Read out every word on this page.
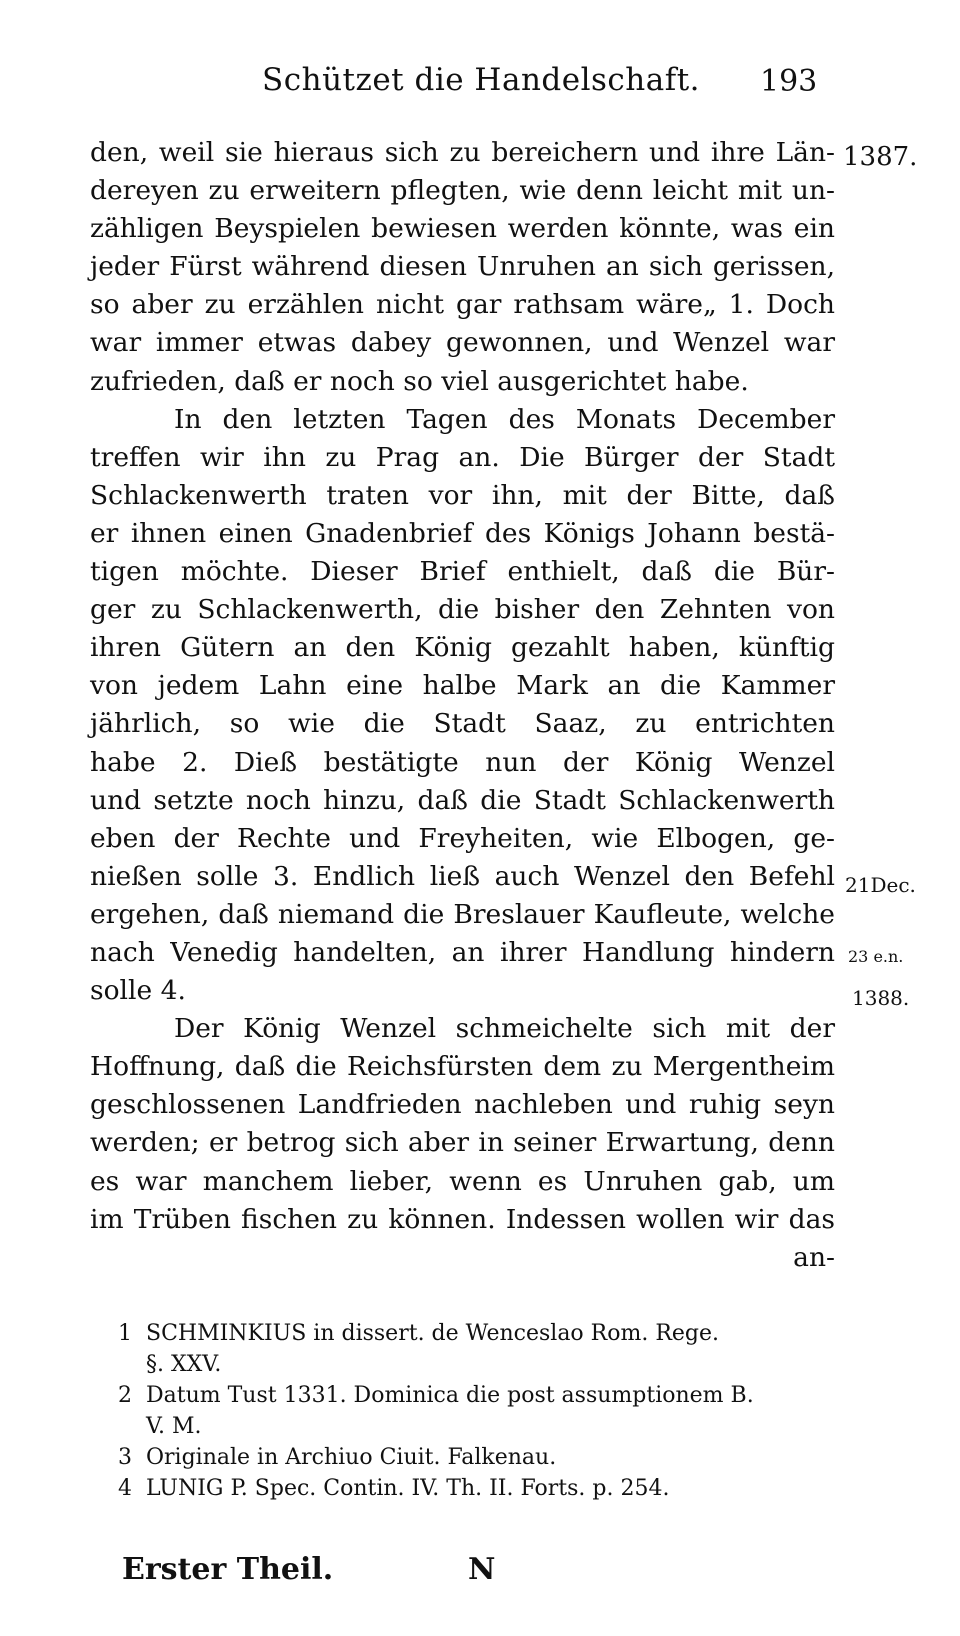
Schützet die Handelschaft. 193
den, weil sie hieraus sich zu bereichern und ihre Län-
dereyen zu erweitern pflegten, wie denn leicht mit un-
zähligen Beyspielen bewiesen werden könnte, was ein
jeder Fürst während diesen Unruhen an sich gerissen,
so aber zu erzählen nicht gar rathsam wäre„ 1. Doch
war immer etwas dabey gewonnen, und Wenzel war
zufrieden, daß er noch so viel ausgerichtet habe.
In den letzten Tagen des Monats December
treffen wir ihn zu Prag an. Die Bürger der Stadt
Schlackenwerth traten vor ihn, mit der Bitte, daß
er ihnen einen Gnadenbrief des Königs Johann bestä-
tigen möchte. Dieser Brief enthielt, daß die Bür-
ger zu Schlackenwerth, die bisher den Zehnten von
ihren Gütern an den König gezahlt haben, künftig
von jedem Lahn eine halbe Mark an die Kammer
jährlich, so wie die Stadt Saaz, zu entrichten
habe 2. Dieß bestätigte nun der König Wenzel
und setzte noch hinzu, daß die Stadt Schlackenwerth
eben der Rechte und Freyheiten, wie Elbogen, ge-
nießen solle 3. Endlich ließ auch Wenzel den Befehl
ergehen, daß niemand die Breslauer Kaufleute, welche
nach Venedig handelten, an ihrer Handlung hindern
solle 4.
Der König Wenzel schmeichelte sich mit der
Hoffnung, daß die Reichsfürsten dem zu Mergentheim
geschlossenen Landfrieden nachleben und ruhig seyn
werden; er betrog sich aber in seiner Erwartung, denn
es war manchem lieber, wenn es Unruhen gab, um
im Trüben fischen zu können. Indessen wollen wir das
an-
1387.
21Dec.
23 e.n.
1388.
1 SCHMINKIUS in dissert. de Wenceslao Rom. Rege.
§. XXV.
2 Datum Tust 1331. Dominica die post assumptionem B.
V. M.
3 Originale in Archiuo Ciuit. Falkenau.
4 LUNIG P. Spec. Contin. IV. Th. II. Forts. p. 254.
Erster Theil.	N
